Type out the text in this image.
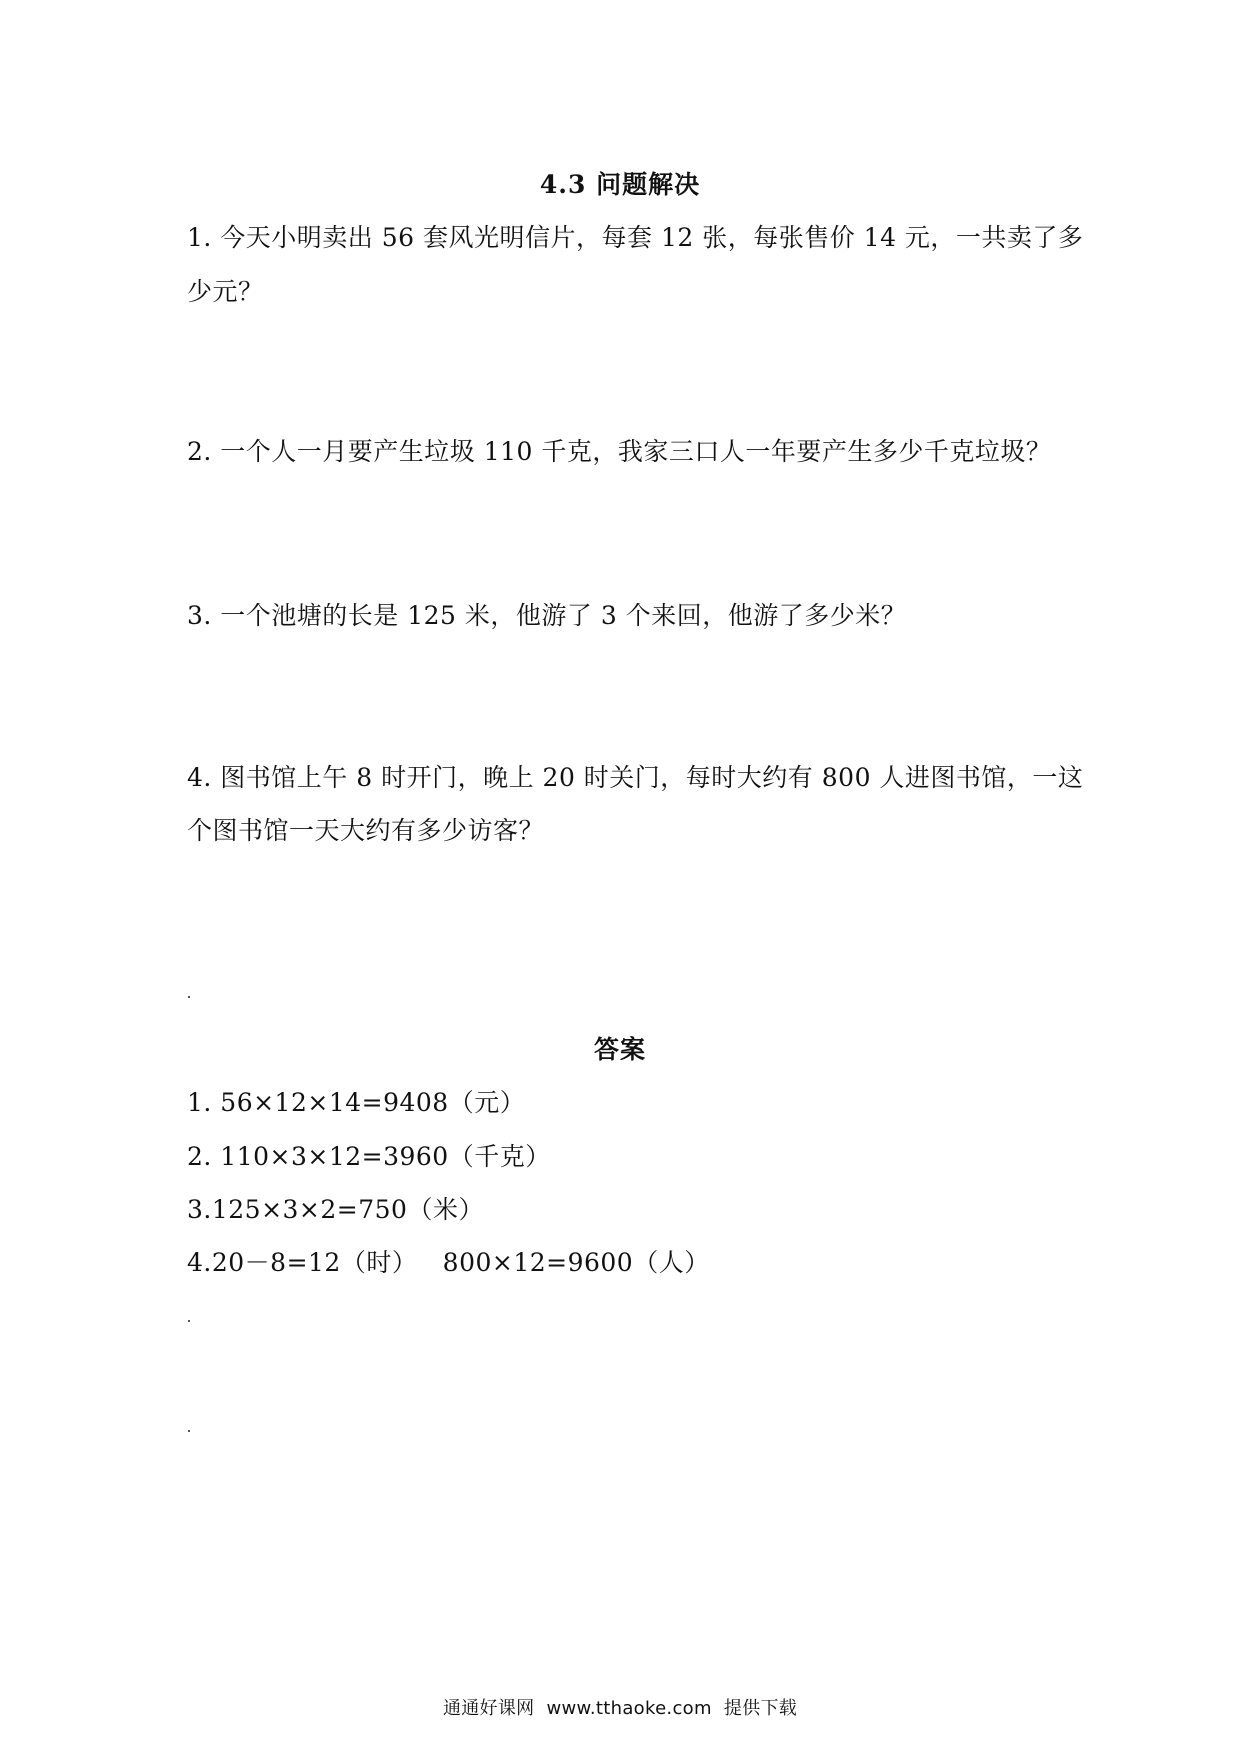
4.3 问题解决
1. 今天小明卖出 56 套风光明信片，每套 12 张，每张售价 14 元，一共卖了多
少元？
2. 一个人一月要产生垃圾 110 千克，我家三口人一年要产生多少千克垃圾？
3. 一个池塘的长是 125 米，他游了 3 个来回，他游了多少米？
4. 图书馆上午 8 时开门，晚上 20 时关门，每时大约有 800 人进图书馆，一这
个图书馆一天大约有多少访客？
答案
1. 56×12×14=9408（元）
2. 110×3×12=3960（千克）
3.125×3×2=750（米）
4.20－8=12（时）   800×12=9600（人）
通通好课网  www.tthaoke.com  提供下载
